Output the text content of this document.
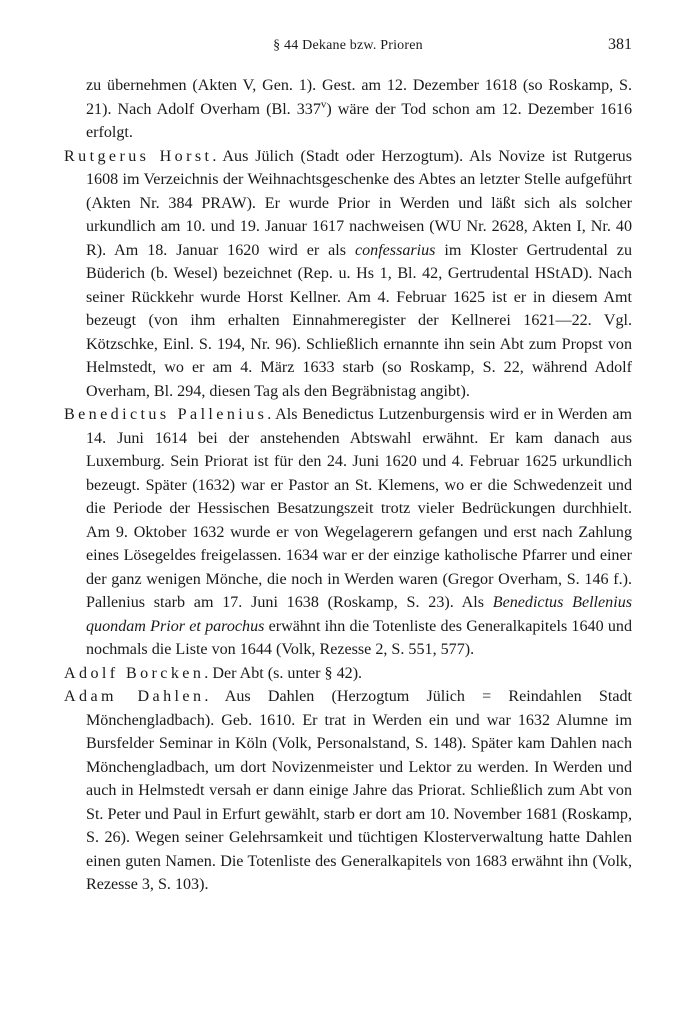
§ 44 Dekane bzw. Prioren	381

zu übernehmen (Akten V, Gen. 1). Gest. am 12. Dezember 1618 (so Roskamp, S. 21). Nach Adolf Overham (Bl. 337$^v$) wäre der Tod schon am 12. Dezember 1616 erfolgt.

Rutgerus Horst. Aus Jülich (Stadt oder Herzogtum). Als Novize ist Rutgerus 1608 im Verzeichnis der Weihnachtsgeschenke des Abtes an letzter Stelle aufgeführt (Akten Nr. 384 PRAW). Er wurde Prior in Werden und läßt sich als solcher urkundlich am 10. und 19. Januar 1617 nachweisen (WU Nr. 2628, Akten I, Nr. 40 R). Am 18. Januar 1620 wird er als confessarius im Kloster Gertrudental zu Büderich (b. Wesel) bezeichnet (Rep. u. Hs 1, Bl. 42, Gertrudental HStAD). Nach seiner Rückkehr wurde Horst Kellner. Am 4. Februar 1625 ist er in diesem Amt bezeugt (von ihm erhalten Einnahmeregister der Kellnerei 1621—22. Vgl. Kötzschke, Einl. S. 194, Nr. 96). Schließlich ernannte ihn sein Abt zum Propst von Helmstedt, wo er am 4. März 1633 starb (so Roskamp, S. 22, während Adolf Overham, Bl. 294, diesen Tag als den Begräbnistag angibt).

Benedictus Pallenius. Als Benedictus Lutzenburgensis wird er in Werden am 14. Juni 1614 bei der anstehenden Abtswahl erwähnt. Er kam danach aus Luxemburg. Sein Priorat ist für den 24. Juni 1620 und 4. Februar 1625 urkundlich bezeugt. Später (1632) war er Pastor an St. Klemens, wo er die Schwedenzeit und die Periode der Hessischen Besatzungszeit trotz vieler Bedrückungen durchhielt. Am 9. Oktober 1632 wurde er von Wegelagerern gefangen und erst nach Zahlung eines Lösegeldes freigelassen. 1634 war er der einzige katholische Pfarrer und einer der ganz wenigen Mönche, die noch in Werden waren (Gregor Overham, S. 146 f.). Pallenius starb am 17. Juni 1638 (Roskamp, S. 23). Als Benedictus Bellenius quondam Prior et parochus erwähnt ihn die Totenliste des Generalkapitels 1640 und nochmals die Liste von 1644 (Volk, Rezesse 2, S. 551, 577).

Adolf Borcken. Der Abt (s. unter § 42).

Adam Dahlen. Aus Dahlen (Herzogtum Jülich = Reindahlen Stadt Mönchengladbach). Geb. 1610. Er trat in Werden ein und war 1632 Alumne im Bursfelder Seminar in Köln (Volk, Personalstand, S. 148). Später kam Dahlen nach Mönchengladbach, um dort Novizenmeister und Lektor zu werden. In Werden und auch in Helmstedt versah er dann einige Jahre das Priorat. Schließlich zum Abt von St. Peter und Paul in Erfurt gewählt, starb er dort am 10. November 1681 (Roskamp, S. 26). Wegen seiner Gelehrsamkeit und tüchtigen Klosterverwaltung hatte Dahlen einen guten Namen. Die Totenliste des Generalkapitels von 1683 erwähnt ihn (Volk, Rezesse 3, S. 103).
